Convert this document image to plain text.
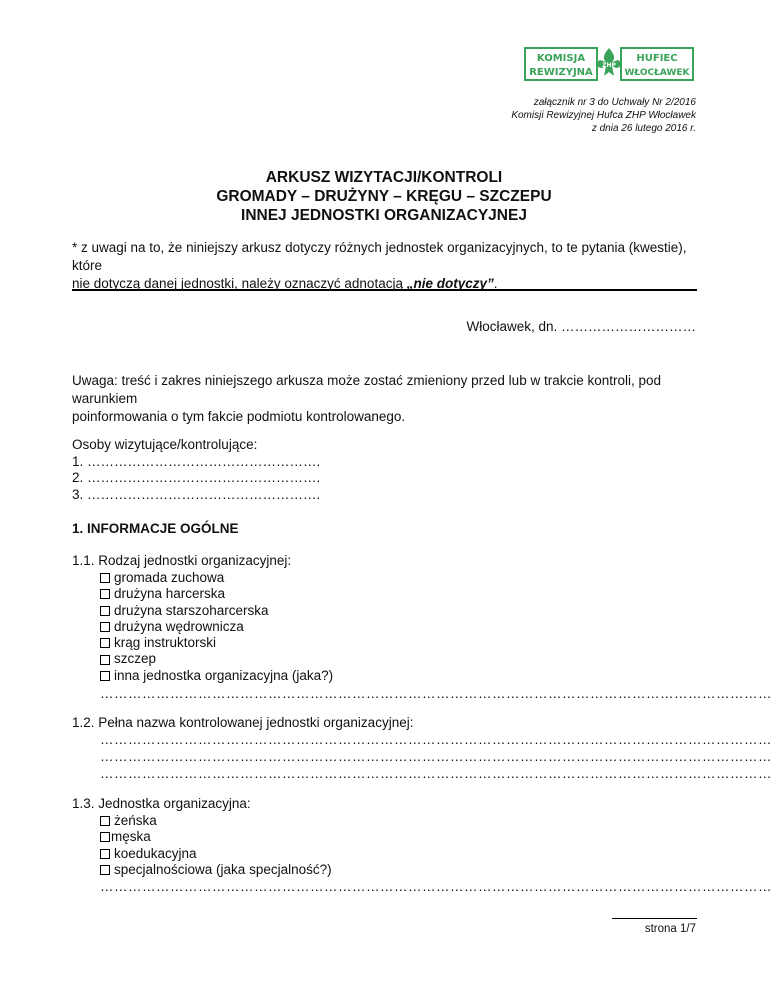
KOMISJA
REWIZYJNA
HUFIEC
WŁOCŁAWEK
ZHP
załącznik nr 3 do Uchwały Nr 2/2016
Komisji Rewizyjnej Hufca ZHP Włocławek
z dnia 26 lutego 2016 r.
ARKUSZ WIZYTACJI/KONTROLI
GROMADY – DRUŻYNY – KRĘGU – SZCZEPU
INNEJ JEDNOSTKI ORGANIZACYJNEJ
* z uwagi na to, że niniejszy arkusz dotyczy różnych jednostek organizacyjnych, to te pytania (kwestie), które
nie dotyczą danej jednostki, należy oznaczyć adnotacją „nie dotyczy”.
Włocławek, dn. …………………………
Uwaga: treść i zakres niniejszego arkusza może zostać zmieniony przed lub w trakcie kontroli, pod warunkiem
poinformowania o tym fakcie podmiotu kontrolowanego.
Osoby wizytujące/kontrolujące:
1. …………………………………………….
2. …………………………………………….
3. …………………………………………….
1. INFORMACJE OGÓLNE
1.1. Rodzaj jednostki organizacyjnej:
gromada zuchowa
drużyna harcerska
drużyna starszoharcerska
drużyna wędrownicza
krąg instruktorski
szczep
inna jednostka organizacyjna (jaka?)
………………………………………………………………………………………………………………………………
1.2. Pełna nazwa kontrolowanej jednostki organizacyjnej:
………………………………………………………………………………………………………………………………
………………………………………………………………………………………………………………………………
………………………………………………………………………………………………………………………………
1.3. Jednostka organizacyjna:
żeńska
męska
koedukacyjna
specjalnościowa (jaka specjalność?)
………………………………………………………………………………………………………………………………
strona 1/7
